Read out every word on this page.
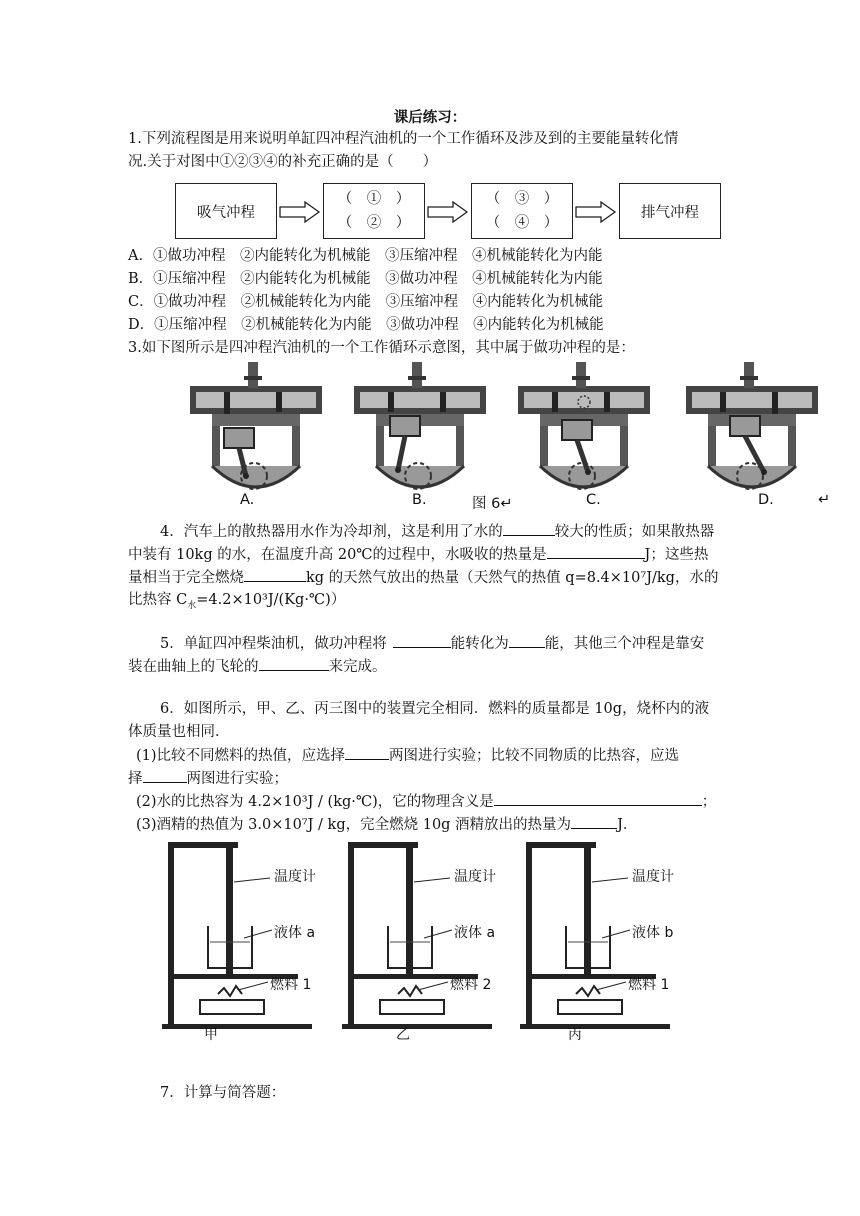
课后练习：
1.下列流程图是用来说明单缸四冲程汽油机的一个工作循环及涉及到的主要能量转化情
况.关于对图中①②③④的补充正确的是（　　）
吸气冲程
（　①　）
（　②　）
（　③　）
（　④　）
排气冲程
A．①做功冲程　②内能转化为机械能　③压缩冲程　④机械能转化为内能
B．①压缩冲程　②内能转化为机械能　③做功冲程　④机械能转化为内能
C．①做功冲程　②机械能转化为内能　③压缩冲程　④内能转化为机械能
D．①压缩冲程　②机械能转化为内能　③做功冲程　④内能转化为机械能
3.如下图所示是四冲程汽油机的一个工作循环示意图，其中属于做功冲程的是：
A.	B.	图 6↵	C.	D.	↵
4．汽车上的散热器用水作为冷却剂，这是利用了水的	较大的性质；如果散热器
中装有 10kg 的水，在温度升高 20℃的过程中，水吸收的热量是	J；这些热
量相当于完全燃烧	kg 的天然气放出的热量（天然气的热值 q=8.4×10⁷J/kg，水的
比热容 $C_水=4.2\times 10^3J/(Kg\cdot℃)$）
5．单缸四冲程柴油机，做功冲程将	能转化为 能，其他三个冲程是靠安
装在曲轴上的飞轮的	来完成。
6．如图所示，甲、乙、丙三图中的装置完全相同．燃料的质量都是 10g，烧杯内的液
体质量也相同．
(1)比较不同燃料的热值，应选择	两图进行实验；比较不同物质的比热容，应选
择	两图进行实验；
(2)水的比热容为 4.2×10³J / (kg·℃)，它的物理含义是	；
(3)酒精的热值为 3.0×10⁷J / kg，完全燃烧 10g 酒精放出的热量为	J．
温度计
液体 a
燃料 1
甲
温度计
液体 a
燃料 2
乙
温度计
液体 b
燃料 1
丙
7．计算与简答题：
